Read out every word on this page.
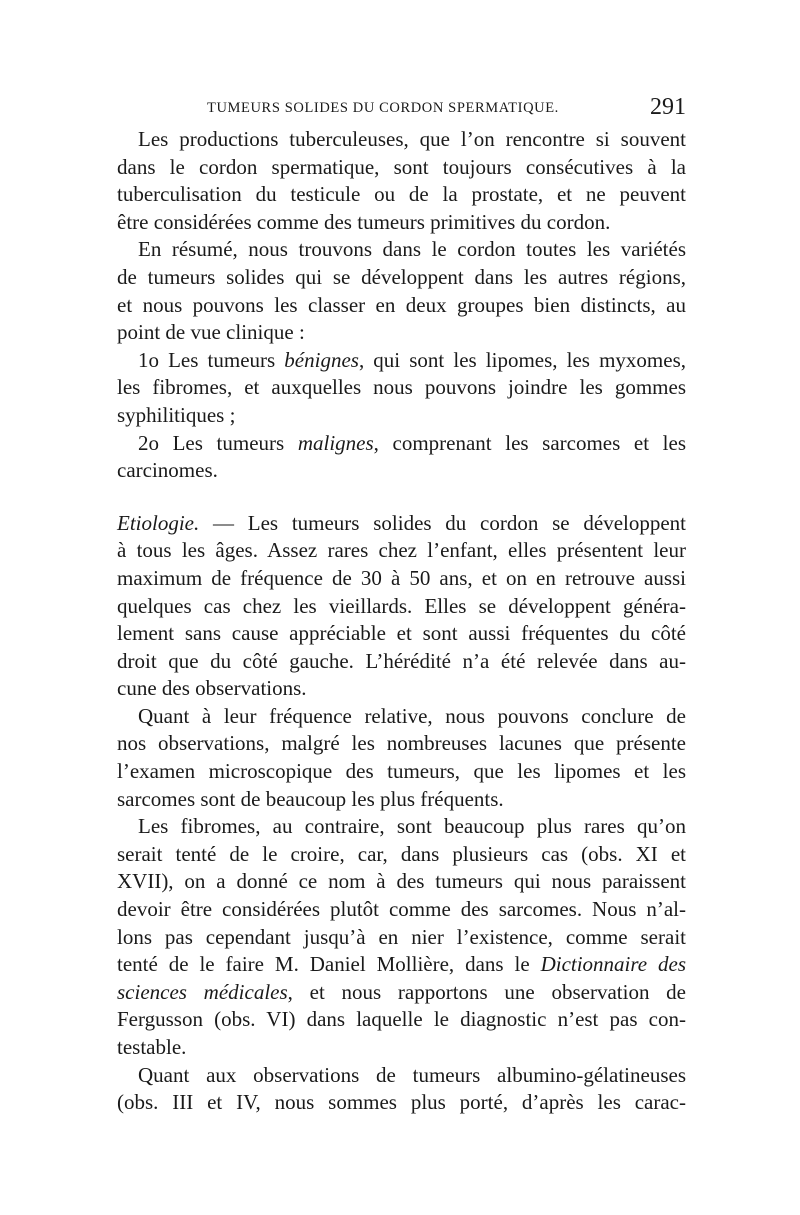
TUMEURS SOLIDES DU CORDON SPERMATIQUE.	291

Les productions tuberculeuses, que l’on rencontre si souvent
dans le cordon spermatique, sont toujours consécutives à la
tuberculisation du testicule ou de la prostate, et ne peuvent
être considérées comme des tumeurs primitives du cordon.

En résumé, nous trouvons dans le cordon toutes les variétés
de tumeurs solides qui se développent dans les autres régions,
et nous pouvons les classer en deux groupes bien distincts, au
point de vue clinique :

1o Les tumeurs bénignes, qui sont les lipomes, les myxomes,
les fibromes, et auxquelles nous pouvons joindre les gommes
syphilitiques ;

2o Les tumeurs malignes, comprenant les sarcomes et les
carcinomes.

Etiologie. — Les tumeurs solides du cordon se développent
à tous les âges. Assez rares chez l’enfant, elles présentent leur
maximum de fréquence de 30 à 50 ans, et on en retrouve aussi
quelques cas chez les vieillards. Elles se développent généra-
lement sans cause appréciable et sont aussi fréquentes du côté
droit que du côté gauche. L’hérédité n’a été relevée dans au-
cune des observations.

Quant à leur fréquence relative, nous pouvons conclure de
nos observations, malgré les nombreuses lacunes que présente
l’examen microscopique des tumeurs, que les lipomes et les
sarcomes sont de beaucoup les plus fréquents.

Les fibromes, au contraire, sont beaucoup plus rares qu’on
serait tenté de le croire, car, dans plusieurs cas (obs. XI et
XVII), on a donné ce nom à des tumeurs qui nous paraissent
devoir être considérées plutôt comme des sarcomes. Nous n’al-
lons pas cependant jusqu’à en nier l’existence, comme serait
tenté de le faire M. Daniel Mollière, dans le Dictionnaire des
sciences médicales, et nous rapportons une observation de
Fergusson (obs. VI) dans laquelle le diagnostic n’est pas con-
testable.

Quant aux observations de tumeurs albumino-gélatineuses
(obs. III et IV, nous sommes plus porté, d’après les carac-
